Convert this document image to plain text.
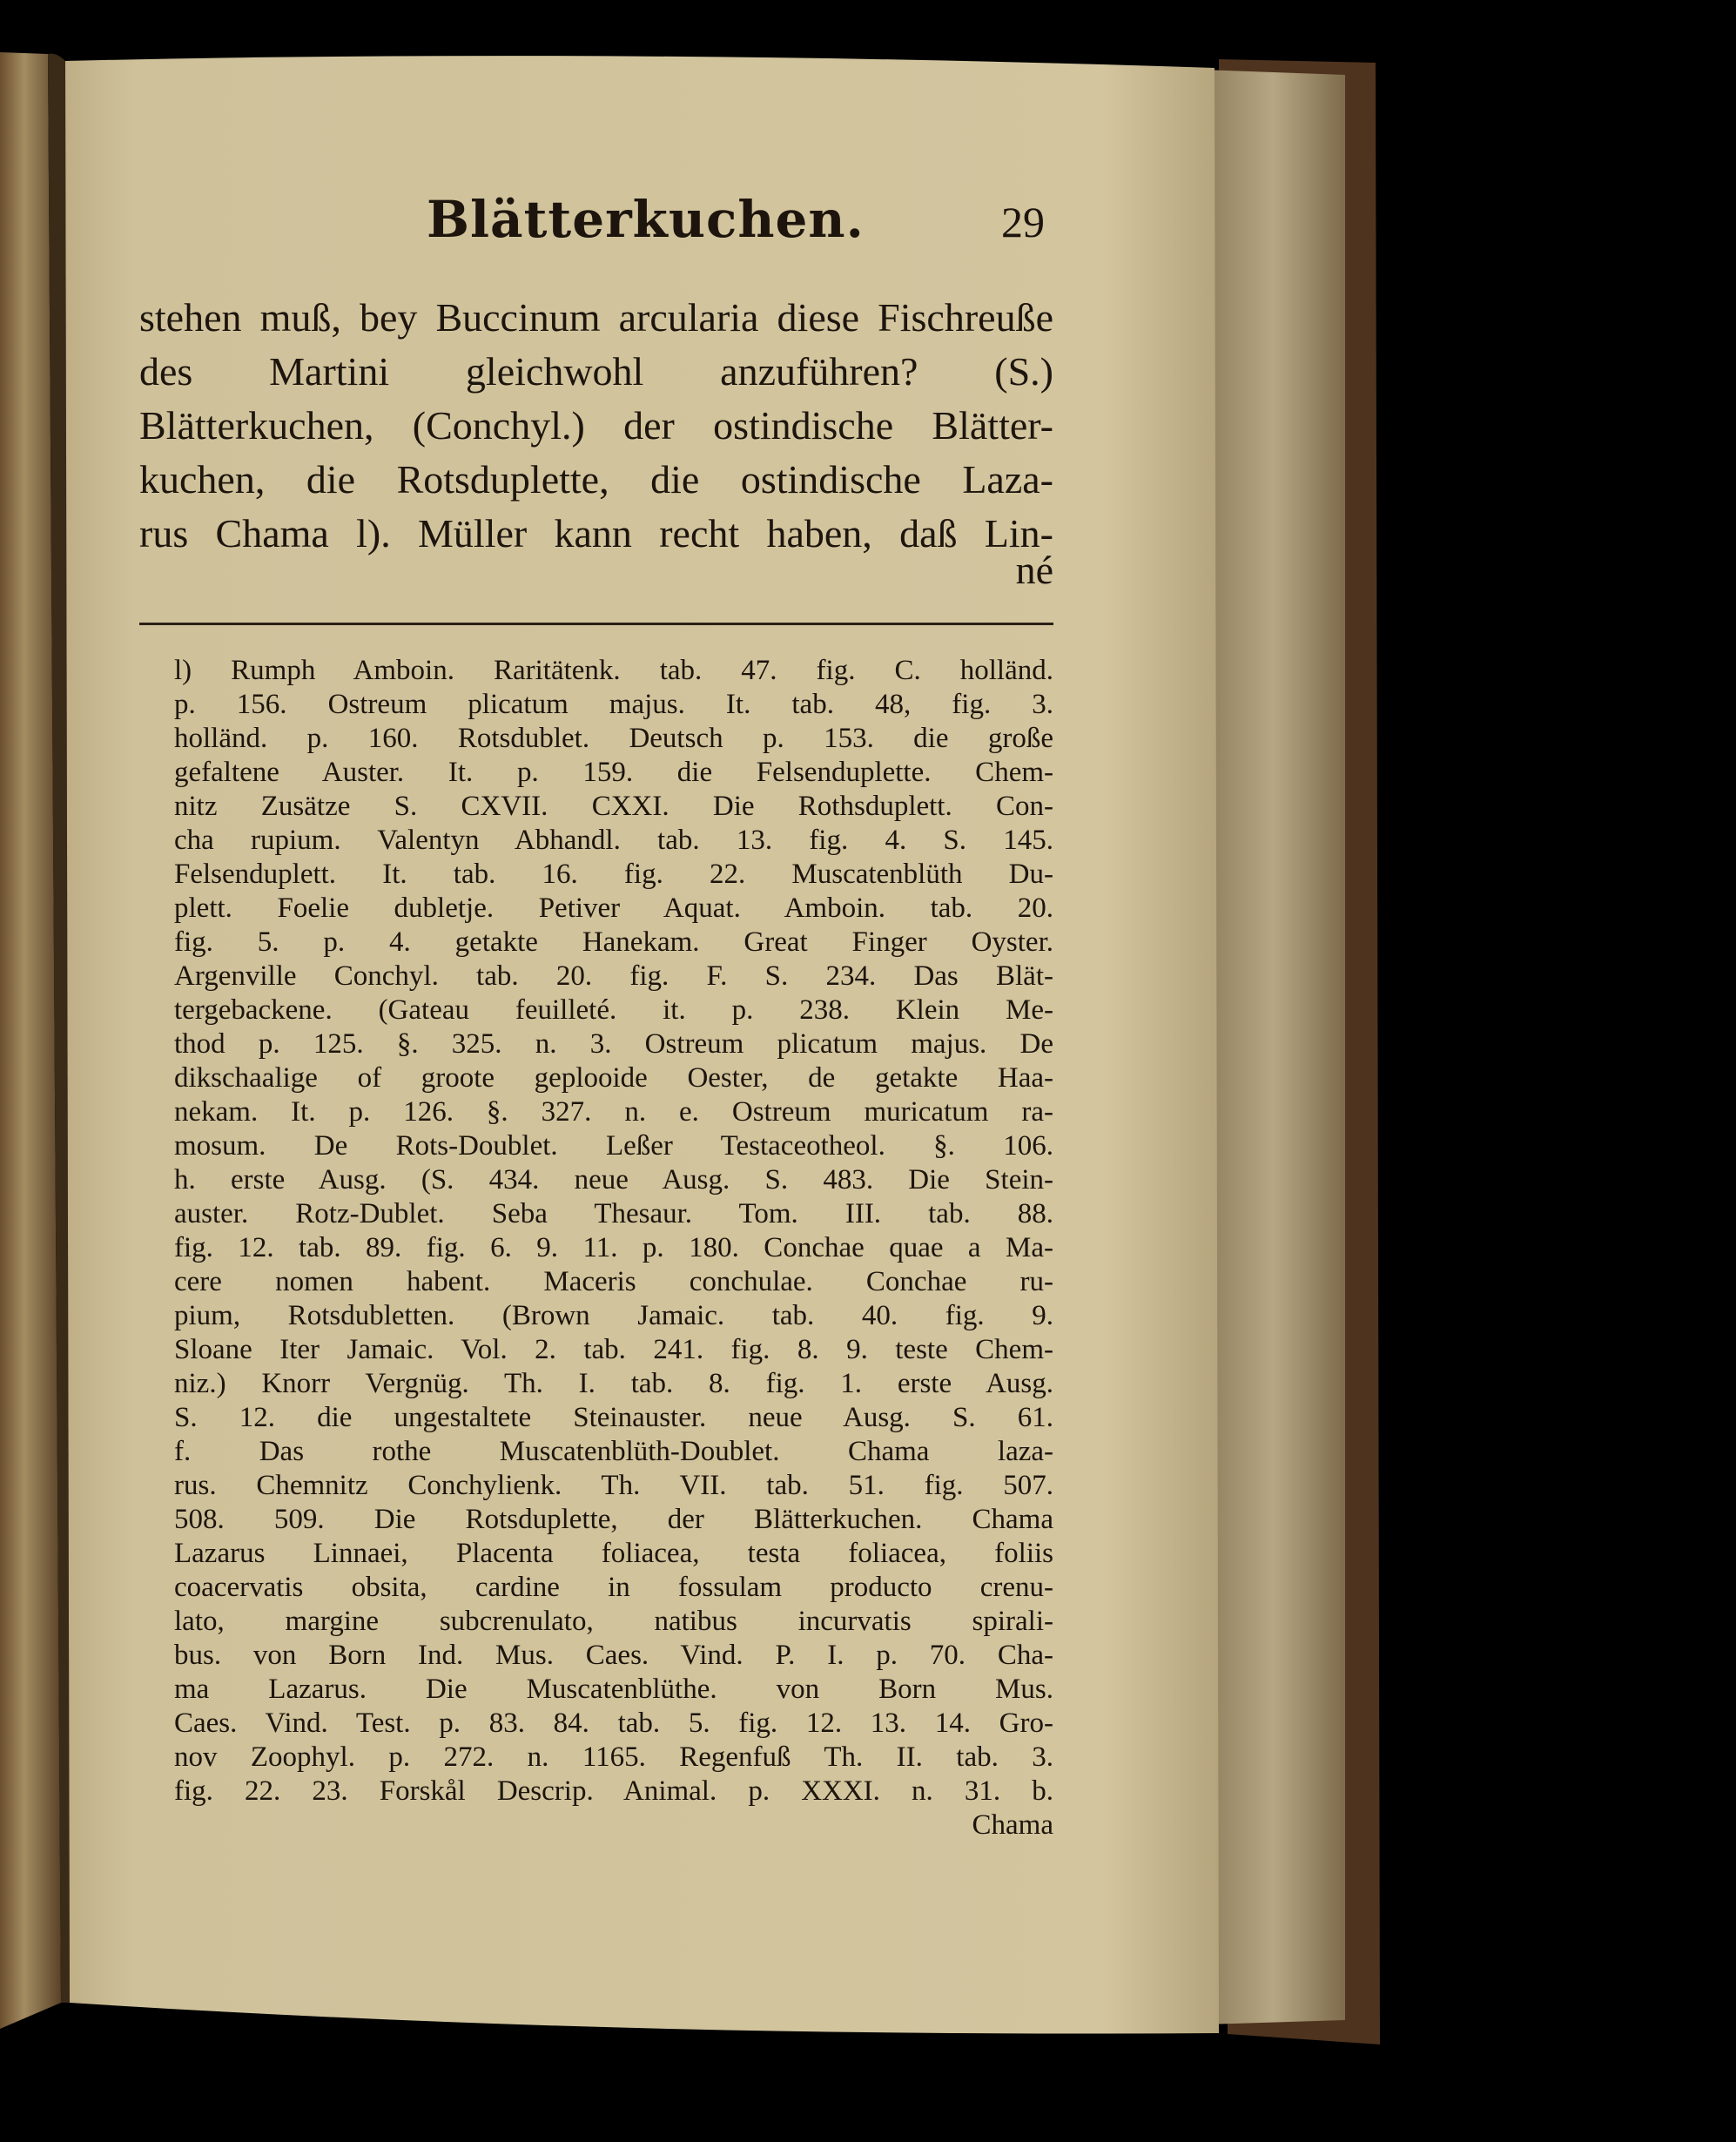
Blätterkuchen.	29
stehen muß, bey Buccinum arcularia diese Fischreuße
des Martini gleichwohl anzuführen? (S.)
Blätterkuchen, (Conchyl.) der ostindische Blätter-
kuchen, die Rotsduplette, die ostindische Laza-
rus Chama l). Müller kann recht haben, daß Lin-
né
l) Rumph Amboin. Raritätenk. tab. 47. fig. C. holländ.
p. 156. Ostreum plicatum majus. It. tab. 48, fig. 3.
holländ. p. 160. Rotsdublet. Deutsch p. 153. die große
gefaltene Auster. It. p. 159. die Felsenduplette. Chem-
nitz Zusätze S. CXVII. CXXI. Die Rothsduplett. Con-
cha rupium. Valentyn Abhandl. tab. 13. fig. 4. S. 145.
Felsenduplett. It. tab. 16. fig. 22. Muscatenblüth Du-
plett. Foelie dubletje. Petiver Aquat. Amboin. tab. 20.
fig. 5. p. 4. getakte Hanekam. Great Finger Oyster.
Argenville Conchyl. tab. 20. fig. F. S. 234. Das Blät-
tergebackene. (Gateau feuilleté. it. p. 238. Klein Me-
thod p. 125. §. 325. n. 3. Ostreum plicatum majus. De
dikschaalige of groote geplooide Oester, de getakte Haa-
nekam. It. p. 126. §. 327. n. e. Ostreum muricatum ra-
mosum. De Rots-Doublet. Leßer Testaceotheol. §. 106.
h. erste Ausg. (S. 434. neue Ausg. S. 483. Die Stein-
auster. Rotz-Dublet. Seba Thesaur. Tom. III. tab. 88.
fig. 12. tab. 89. fig. 6. 9. 11. p. 180. Conchae quae a Ma-
cere nomen habent. Maceris conchulae. Conchae ru-
pium, Rotsdubletten. (Brown Jamaic. tab. 40. fig. 9.
Sloane Iter Jamaic. Vol. 2. tab. 241. fig. 8. 9. teste Chem-
niz.) Knorr Vergnüg. Th. I. tab. 8. fig. 1. erste Ausg.
S. 12. die ungestaltete Steinauster. neue Ausg. S. 61.
f. Das rothe Muscatenblüth-Doublet. Chama laza-
rus. Chemnitz Conchylienk. Th. VII. tab. 51. fig. 507.
508. 509. Die Rotsduplette, der Blätterkuchen. Chama
Lazarus Linnaei, Placenta foliacea, testa foliacea, foliis
coacervatis obsita, cardine in fossulam producto crenu-
lato, margine subcrenulato, natibus incurvatis spirali-
bus. von Born Ind. Mus. Caes. Vind. P. I. p. 70. Cha-
ma Lazarus. Die Muscatenblüthe. von Born Mus.
Caes. Vind. Test. p. 83. 84. tab. 5. fig. 12. 13. 14. Gro-
nov Zoophyl. p. 272. n. 1165. Regenfuß Th. II. tab. 3.
fig. 22. 23. Forskål Descrip. Animal. p. XXXI. n. 31. b.
Chama
